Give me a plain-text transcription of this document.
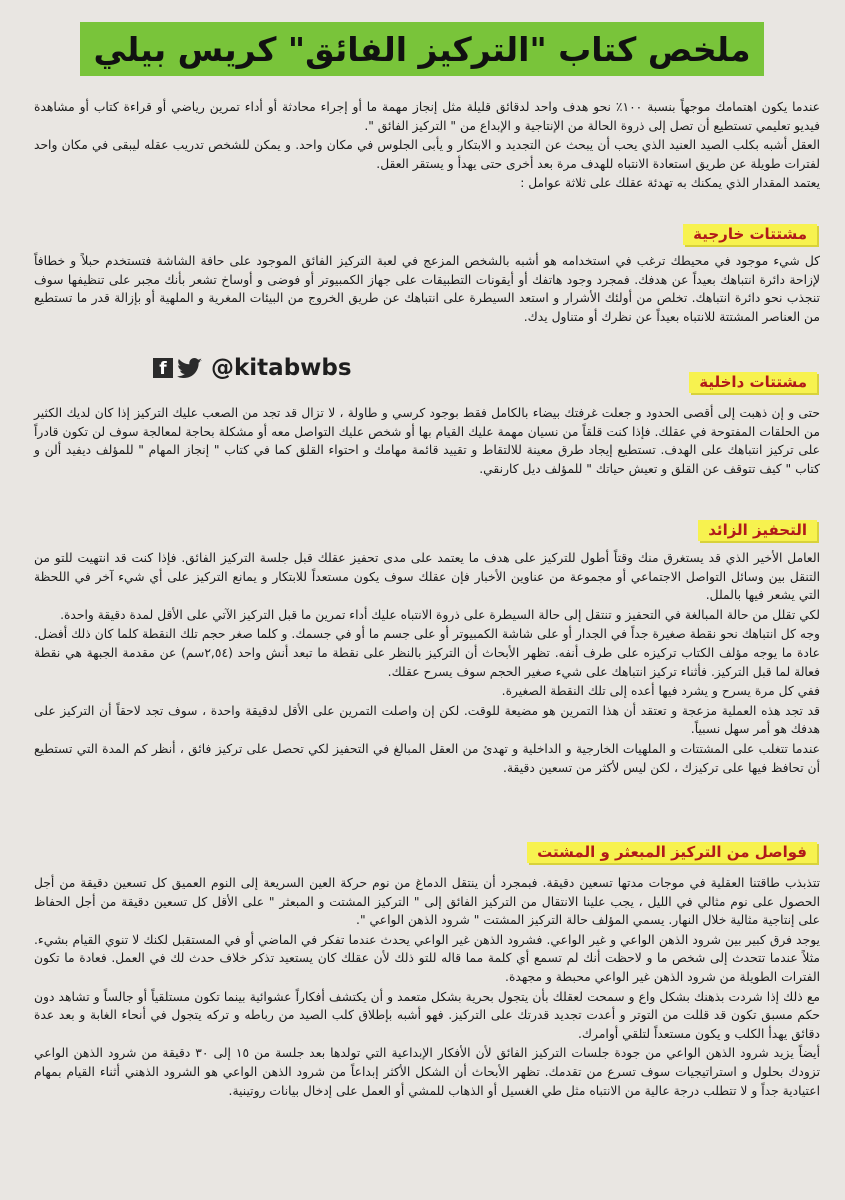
ملخص كتاب "التركيز الفائق" كريس بيلي

عندما يكون اهتمامك موجهاً بنسبة ١٠٠٪ نحو هدف واحد لدقائق قليلة مثل إنجاز مهمة ما أو إجراء محادثة أو أداء تمرين رياضي أو قراءة كتاب أو مشاهدة فيديو تعليمي تستطيع أن تصل إلى ذروة الحالة من الإنتاجية و الإبداع من " التركيز الفائق ".

العقل أشبه بكلب الصيد العنيد الذي يحب أن يبحث عن التجديد و الابتكار و يأبى الجلوس في مكان واحد. و يمكن للشخص تدريب عقله ليبقى في مكان واحد لفترات طويلة عن طريق استعادة الانتباه للهدف مرة بعد أخرى حتى يهدأ و يستقر العقل.

يعتمد المقدار الذي يمكنك به تهدئة عقلك على ثلاثة عوامل :

مشتتات خارجية

كل شيء موجود في محيطك ترغب في استخدامه هو أشبه بالشخص المزعج في لعبة التركيز الفائق الموجود على حافة الشاشة فتستخدم حبلاً و خطافاً لإزاحة دائرة انتباهك بعيداً عن هدفك. فمجرد وجود هاتفك أو أيقونات التطبيقات على جهاز الكمبيوتر أو فوضى و أوساخ تشعر بأنك مجبر على تنظيفها سوف تنجذب نحو دائرة انتباهك. تخلص من أولئك الأشرار و استعد السيطرة على انتباهك عن طريق الخروج من البيئات المغرية و الملهية أو بإزالة قدر ما تستطيع من العناصر المشتتة للانتباه بعيداً عن نظرك أو متناول يدك.

f @kitabwbs
مشتتات داخلية

حتى و إن ذهبت إلى أقصى الحدود و جعلت غرفتك بيضاء بالكامل فقط بوجود كرسي و طاولة ، لا تزال قد تجد من الصعب عليك التركيز إذا كان لديك الكثير من الحلقات المفتوحة في عقلك. فإذا كنت قلقاً من نسيان مهمة عليك القيام بها أو شخص عليك التواصل معه أو مشكلة بحاجة لمعالجة سوف لن تكون قادراً على تركيز انتباهك على الهدف. تستطيع إيجاد طرق معينة للالتقاط و تقييد قائمة مهامك و احتواء القلق كما في كتاب " إنجاز المهام " للمؤلف ديفيد ألن و كتاب " كيف تتوقف عن القلق و تعيش حياتك " للمؤلف ديل كارنقي.

التحفيز الزائد

العامل الأخير الذي قد يستغرق منك وقتاً أطول للتركيز على هدف ما يعتمد على مدى تحفيز عقلك قبل جلسة التركيز الفائق. فإذا كنت قد انتهيت للتو من التنقل بين وسائل التواصل الاجتماعي أو مجموعة من عناوين الأخبار فإن عقلك سوف يكون مستعداً للابتكار و يمانع التركيز على أي شيء آخر في اللحظة التي يشعر فيها بالملل.

لكي تقلل من حالة المبالغة في التحفيز و تنتقل إلى حالة السيطرة على ذروة الانتباه عليك أداء تمرين ما قبل التركيز الآتي على الأقل لمدة دقيقة واحدة.

وجه كل انتباهك نحو نقطة صغيرة جداً في الجدار أو على شاشة الكمبيوتر أو على جسم ما أو في جسمك. و كلما صغر حجم تلك النقطة كلما كان ذلك أفضل. عادة ما يوجه مؤلف الكتاب تركيزه على طرف أنفه. تظهر الأبحاث أن التركيز بالنظر على نقطة ما تبعد أنش واحد (٢,٥٤سم) عن مقدمة الجبهة هي نقطة فعالة لما قبل التركيز. فأثناء تركيز انتباهك على شيء صغير الحجم سوف يسرح عقلك.

ففي كل مرة يسرح و يشرد فيها أعده إلى تلك النقطة الصغيرة.

قد تجد هذه العملية مزعجة و تعتقد أن هذا التمرين هو مضيعة للوقت. لكن إن واصلت التمرين على الأقل لدقيقة واحدة ، سوف تجد لاحقاً أن التركيز على هدفك هو أمر سهل نسبياً.

عندما تتغلب على المشتتات و الملهيات الخارجية و الداخلية و تهدئ من العقل المبالغ في التحفيز لكي تحصل على تركيز فائق ، أنظر كم المدة التي تستطيع أن تحافظ فيها على تركيزك ، لكن ليس لأكثر من تسعين دقيقة.

فواصل من التركيز المبعثر و المشتت

تتذبذب طاقتنا العقلية في موجات مدتها تسعين دقيقة. فبمجرد أن ينتقل الدماغ من نوم حركة العين السريعة إلى النوم العميق كل تسعين دقيقة من أجل الحصول على نوم مثالي في الليل ، يجب علينا الانتقال من التركيز الفائق إلى " التركيز المشتت و المبعثر " على الأقل كل تسعين دقيقة من أجل الحفاظ على إنتاجية مثالية خلال النهار. يسمي المؤلف حالة التركيز المشتت " شرود الذهن الواعي ".

يوجد فرق كبير بين شرود الذهن الواعي و غير الواعي. فشرود الذهن غير الواعي يحدث عندما تفكر في الماضي أو في المستقبل لكنك لا تنوي القيام بشيء. مثلاً عندما تتحدث إلى شخص ما و لاحظت أنك لم تسمع أي كلمة مما قاله للتو ذلك لأن عقلك كان يستعيد تذكر خلاف حدث لك في العمل. فعادة ما تكون الفترات الطويلة من شرود الذهن غير الواعي محبطة و مجهدة.

مع ذلك إذا شردت بذهنك بشكل واع و سمحت لعقلك بأن يتجول بحرية بشكل متعمد و أن يكتشف أفكاراً عشوائية بينما تكون مستلقياً أو جالساً و تشاهد دون حكم مسبق تكون قد قللت من التوتر و أعدت تجديد قدرتك على التركيز. فهو أشبه بإطلاق كلب الصيد من رباطه و تركه يتجول في أنحاء الغابة و بعد عدة دقائق يهدأ الكلب و يكون مستعداً لتلقي أوامرك.

أيضاً يزيد شرود الذهن الواعي من جودة جلسات التركيز الفائق لأن الأفكار الإبداعية التي تولدها بعد جلسة من ١٥ إلى ٣٠ دقيقة من شرود الذهن الواعي تزودك بحلول و استراتيجيات سوف تسرع من تقدمك. تظهر الأبحاث أن الشكل الأكثر إبداعاً من شرود الذهن الواعي هو الشرود الذهني أثناء القيام بمهام اعتيادية جداً و لا تتطلب درجة عالية من الانتباه مثل طي الغسيل أو الذهاب للمشي أو العمل على إدخال بيانات روتينية.
